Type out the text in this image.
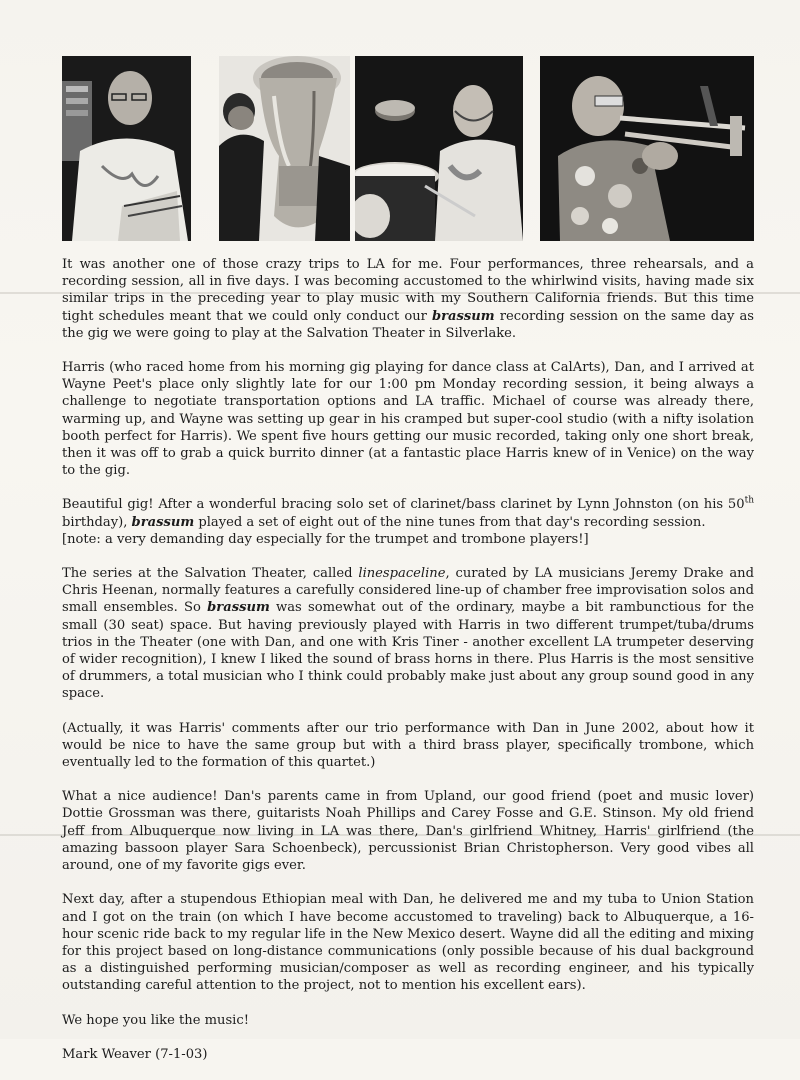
It was another one of those crazy trips to LA for me. Four performances, three rehearsals, and a recording session, all in five days. I was becoming accustomed to the whirlwind visits, having made six similar trips in the preceding year to play music with my Southern California friends. But this time tight schedules meant that we could only conduct our brassum recording session on the same day as the gig we were going to play at the Salvation Theater in Silverlake.

Harris (who raced home from his morning gig playing for dance class at CalArts), Dan, and I arrived at Wayne Peet's place only slightly late for our 1:00 pm Monday recording session, it being always a challenge to negotiate transportation options and LA traffic. Michael of course was already there, warming up, and Wayne was setting up gear in his cramped but super-cool studio (with a nifty isolation booth perfect for Harris). We spent five hours getting our music recorded, taking only one short break, then it was off to grab a quick burrito dinner (at a fantastic place Harris knew of in Venice) on the way to the gig.

Beautiful gig! After a wonderful bracing solo set of clarinet/bass clarinet by Lynn Johnston (on his 50th birthday), brassum played a set of eight out of the nine tunes from that day's recording session.
[note: a very demanding day especially for the trumpet and trombone players!]

The series at the Salvation Theater, called linespaceline, curated by LA musicians Jeremy Drake and Chris Heenan, normally features a carefully considered line-up of chamber free improvisation solos and small ensembles. So brassum was somewhat out of the ordinary, maybe a bit rambunctious for the small (30 seat) space. But having previously played with Harris in two different trumpet/tuba/drums trios in the Theater (one with Dan, and one with Kris Tiner - another excellent LA trumpeter deserving of wider recognition), I knew I liked the sound of brass horns in there. Plus Harris is the most sensitive of drummers, a total musician who I think could probably make just about any group sound good in any space.

(Actually, it was Harris' comments after our trio performance with Dan in June 2002, about how it would be nice to have the same group but with a third brass player, specifically trombone, which eventually led to the formation of this quartet.)

What a nice audience! Dan's parents came in from Upland, our good friend (poet and music lover) Dottie Grossman was there, guitarists Noah Phillips and Carey Fosse and G.E. Stinson. My old friend Jeff from Albuquerque now living in LA was there, Dan's girlfriend Whitney, Harris' girlfriend (the amazing bassoon player Sara Schoenbeck), percussionist Brian Christopherson. Very good vibes all around, one of my favorite gigs ever.

Next day, after a stupendous Ethiopian meal with Dan, he delivered me and my tuba to Union Station and I got on the train (on which I have become accustomed to traveling) back to Albuquerque, a 16-hour scenic ride back to my regular life in the New Mexico desert. Wayne did all the editing and mixing for this project based on long-distance communications (only possible because of his dual background as a distinguished performing musician/composer as well as recording engineer, and his typically outstanding careful attention to the project, not to mention his excellent ears).

We hope you like the music!

Mark Weaver (7-1-03)
